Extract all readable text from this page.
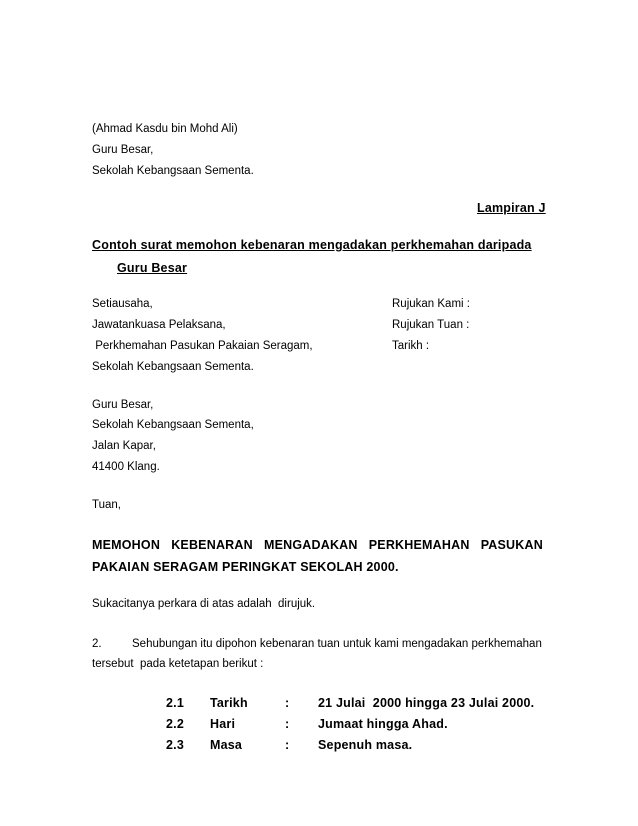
(Ahmad Kasdu bin Mohd Ali)
Guru Besar,
Sekolah Kebangsaan Sementa.
Lampiran J
Contoh surat memohon kebenaran mengadakan perkhemahan daripada
Guru Besar
Setiausaha,
Jawatankuasa Pelaksana,
Perkhemahan Pasukan Pakaian Seragam,
Sekolah Kebangsaan Sementa.
Rujukan Kami :
Rujukan Tuan :
Tarikh :
Guru Besar,
Sekolah Kebangsaan Sementa,
Jalan Kapar,
41400 Klang.
Tuan,
MEMOHON KEBENARAN MENGADAKAN PERKHEMAHAN PASUKAN
PAKAIAN SERAGAM PERINGKAT SEKOLAH 2000.
Sukacitanya perkara di atas adalah  dirujuk.
2.	Sehubungan itu dipohon kebenaran tuan untuk kami mengadakan perkhemahan
tersebut  pada ketetapan berikut :
2.1 Tarikh	: 21 Julai  2000 hingga 23 Julai 2000.
2.2 Hari	: Jumaat hingga Ahad.
2.3 Masa	: Sepenuh masa.
